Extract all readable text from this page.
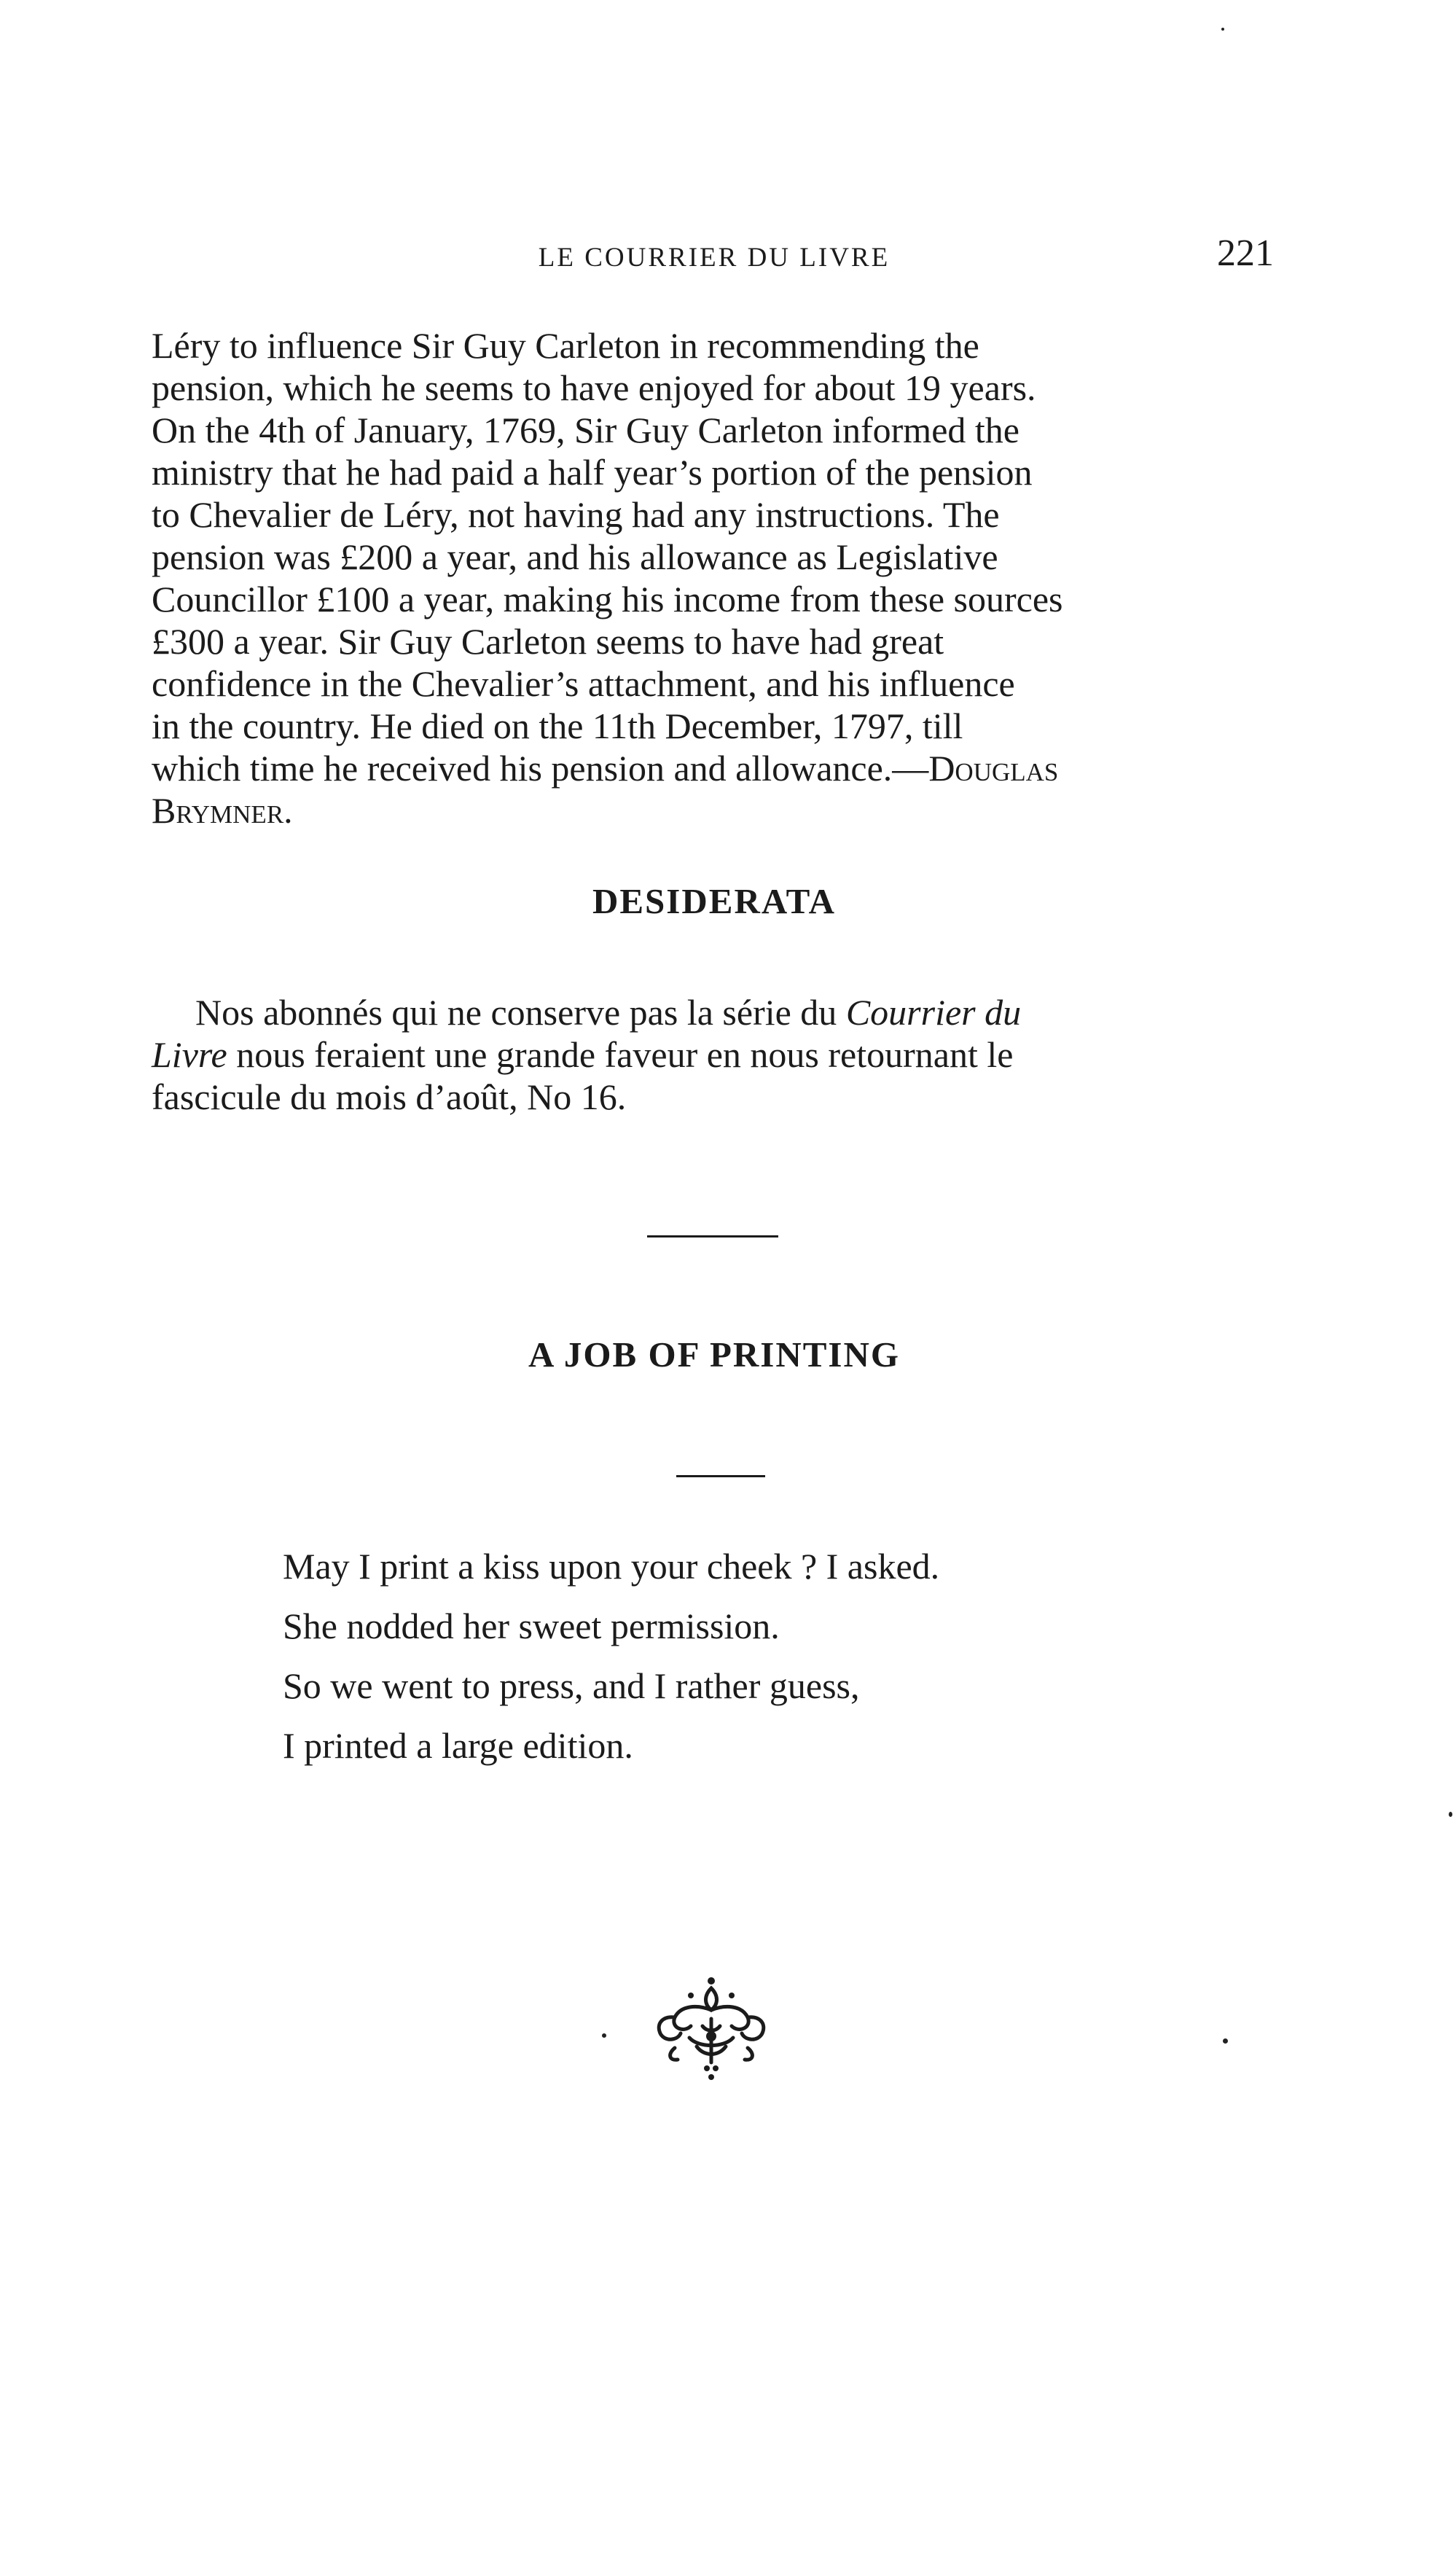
LE COURRIER DU LIVRE	221
Léry to influence Sir Guy Carleton in recommending the
pension, which he seems to have enjoyed for about 19 years.
On the 4th of January, 1769, Sir Guy Carleton informed the
ministry that he had paid a half year’s portion of the pension
to Chevalier de Léry, not having had any instructions. The
pension was £200 a year, and his allowance as Legislative
Councillor £100 a year, making his income from these sources
£300 a year. Sir Guy Carleton seems to have had great
confidence in the Chevalier’s attachment, and his influence
in the country. He died on the 11th December, 1797, till
which time he received his pension and allowance.—Douglas
Brymner.
DESIDERATA
Nos abonnés qui ne conserve pas la série du Courrier du
Livre nous feraient une grande faveur en nous retournant le
fascicule du mois d’août, No 16.
A JOB OF PRINTING
May I print a kiss upon your cheek ? I asked.
She nodded her sweet permission.
So we went to press, and I rather guess,
I printed a large edition.
